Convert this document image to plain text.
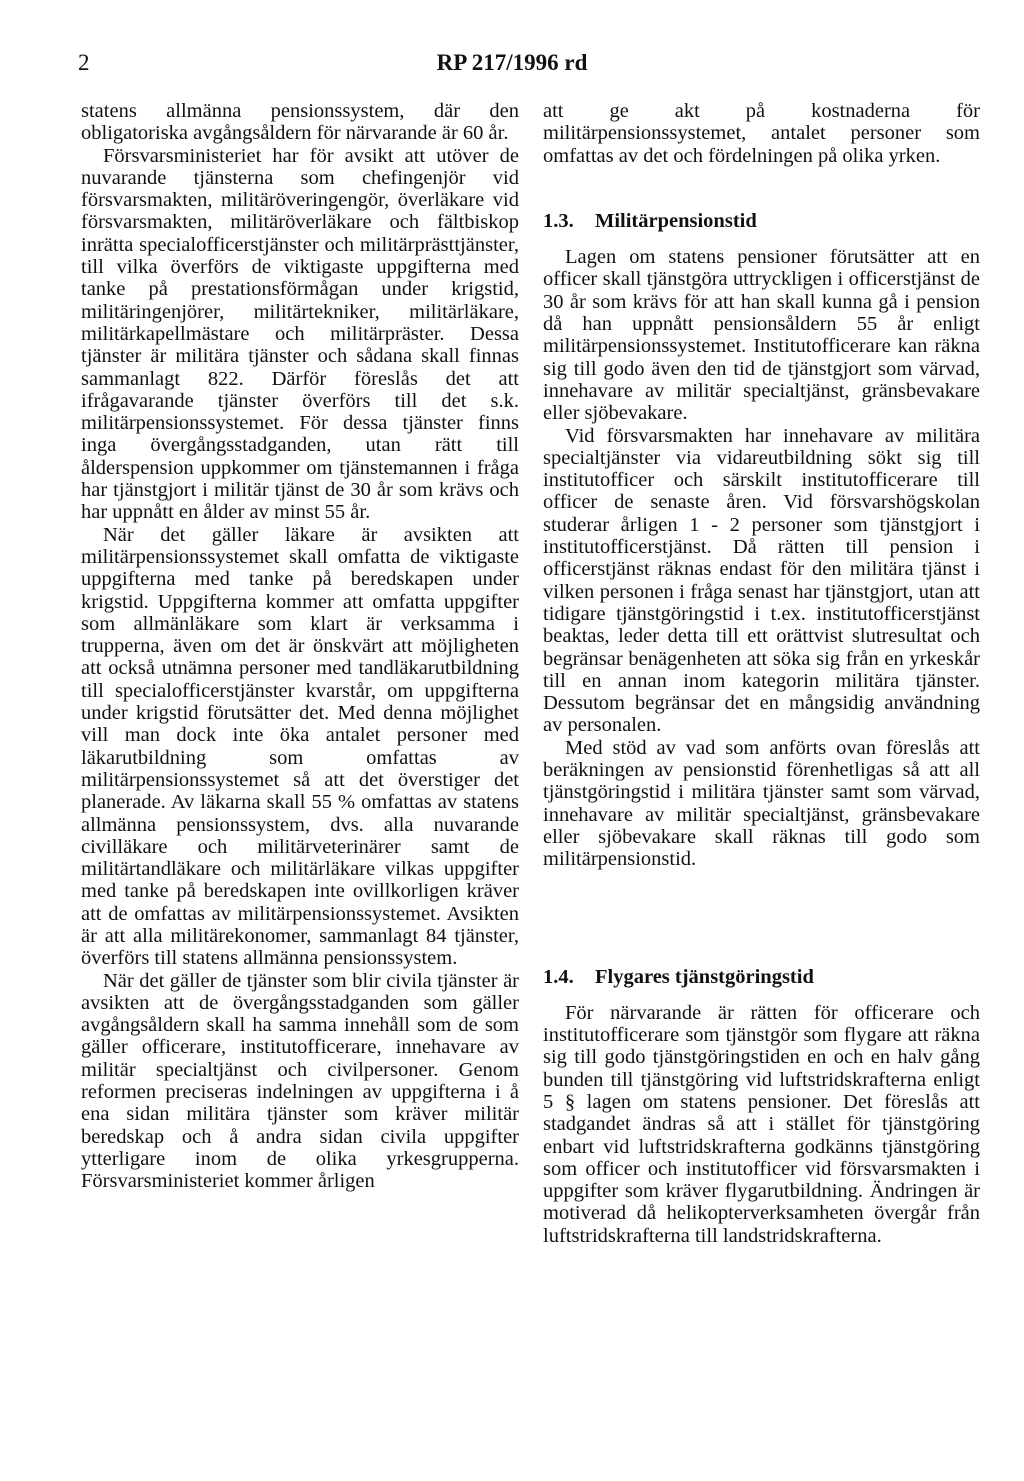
2	RP 217/1996 rd

statens allmänna pensionssystem, där den obligatoriska avgångsåldern för närvarande är 60 år.

Försvarsministeriet har för avsikt att utöver de nuvarande tjänsterna som chefingenjör vid försvarsmakten, militäröveringengör, överläkare vid försvarsmakten, militäröverläkare och fältbiskop inrätta specialofficerstjänster och militärprästtjänster, till vilka överförs de viktigaste uppgifterna med tanke på prestationsförmågan under krigstid, militäringenjörer, militärtekniker, militärläkare, militärkapellmästare och militärpräster. Dessa tjänster är militära tjänster och sådana skall finnas sammanlagt 822. Därför föreslås det att ifrågavarande tjänster överförs till det s.k. militärpensionssystemet. För dessa tjänster finns inga övergångsstadganden, utan rätt till ålderspension uppkommer om tjänstemannen i fråga har tjänstgjort i militär tjänst de 30 år som krävs och har uppnått en ålder av minst 55 år.

När det gäller läkare är avsikten att militärpensionssystemet skall omfatta de viktigaste uppgifterna med tanke på beredskapen under krigstid. Uppgifterna kommer att omfatta uppgifter som allmänläkare som klart är verksamma i trupperna, även om det är önskvärt att möjligheten att också utnämna personer med tandläkarutbildning till specialofficerstjänster kvarstår, om uppgifterna under krigstid förutsätter det. Med denna möjlighet vill man dock inte öka antalet personer med läkarutbildning som omfattas av militärpensionssystemet så att det överstiger det planerade. Av läkarna skall 55 % omfattas av statens allmänna pensionssystem, dvs. alla nuvarande civilläkare och militärveterinärer samt de militärtandläkare och militärläkare vilkas uppgifter med tanke på beredskapen inte ovillkorligen kräver att de omfattas av militärpensionssystemet. Avsikten är att alla militärekonomer, sammanlagt 84 tjänster, överförs till statens allmänna pensionssystem.

När det gäller de tjänster som blir civila tjänster är avsikten att de övergångsstadganden som gäller avgångsåldern skall ha samma innehåll som de som gäller officerare, institutofficerare, innehavare av militär specialtjänst och civilpersoner. Genom reformen preciseras indelningen av uppgifterna i å ena sidan militära tjänster som kräver militär beredskap och å andra sidan civila uppgifter ytterligare inom de olika yrkesgrupperna. Försvarsministeriet kommer årligen

att ge akt på kostnaderna för militärpensionssystemet, antalet personer som omfattas av det och fördelningen på olika yrken.

1.3. Militärpensionstid

Lagen om statens pensioner förutsätter att en officer skall tjänstgöra uttryckligen i officerstjänst de 30 år som krävs för att han skall kunna gå i pension då han uppnått pensionsåldern 55 år enligt militärpensionssystemet. Institutofficerare kan räkna sig till godo även den tid de tjänstgjort som värvad, innehavare av militär specialtjänst, gränsbevakare eller sjöbevakare.

Vid försvarsmakten har innehavare av militära specialtjänster via vidareutbildning sökt sig till institutofficer och särskilt institutofficerare till officer de senaste åren. Vid försvarshögskolan studerar årligen 1 - 2 personer som tjänstgjort i institutofficerstjänst. Då rätten till pension i officerstjänst räknas endast för den militära tjänst i vilken personen i fråga senast har tjänstgjort, utan att tidigare tjänstgöringstid i t.ex. institutofficerstjänst beaktas, leder detta till ett orättvist slutresultat och begränsar benägenheten att söka sig från en yrkeskår till en annan inom kategorin militära tjänster. Dessutom begränsar det en mångsidig användning av personalen.

Med stöd av vad som anförts ovan föreslås att beräkningen av pensionstid förenhetligas så att all tjänstgöringstid i militära tjänster samt som värvad, innehavare av militär specialtjänst, gränsbevakare eller sjöbevakare skall räknas till godo som militärpensionstid.

1.4. Flygares tjänstgöringstid

För närvarande är rätten för officerare och institutofficerare som tjänstgör som flygare att räkna sig till godo tjänstgöringstiden en och en halv gång bunden till tjänstgöring vid luftstridskrafterna enligt 5 § lagen om statens pensioner. Det föreslås att stadgandet ändras så att i stället för tjänstgöring enbart vid luftstridskrafterna godkänns tjänstgöring som officer och institutofficer vid försvarsmakten i uppgifter som kräver flygarutbildning. Ändringen är motiverad då helikopterverksamheten övergår från luftstridskrafterna till landstridskrafterna.
